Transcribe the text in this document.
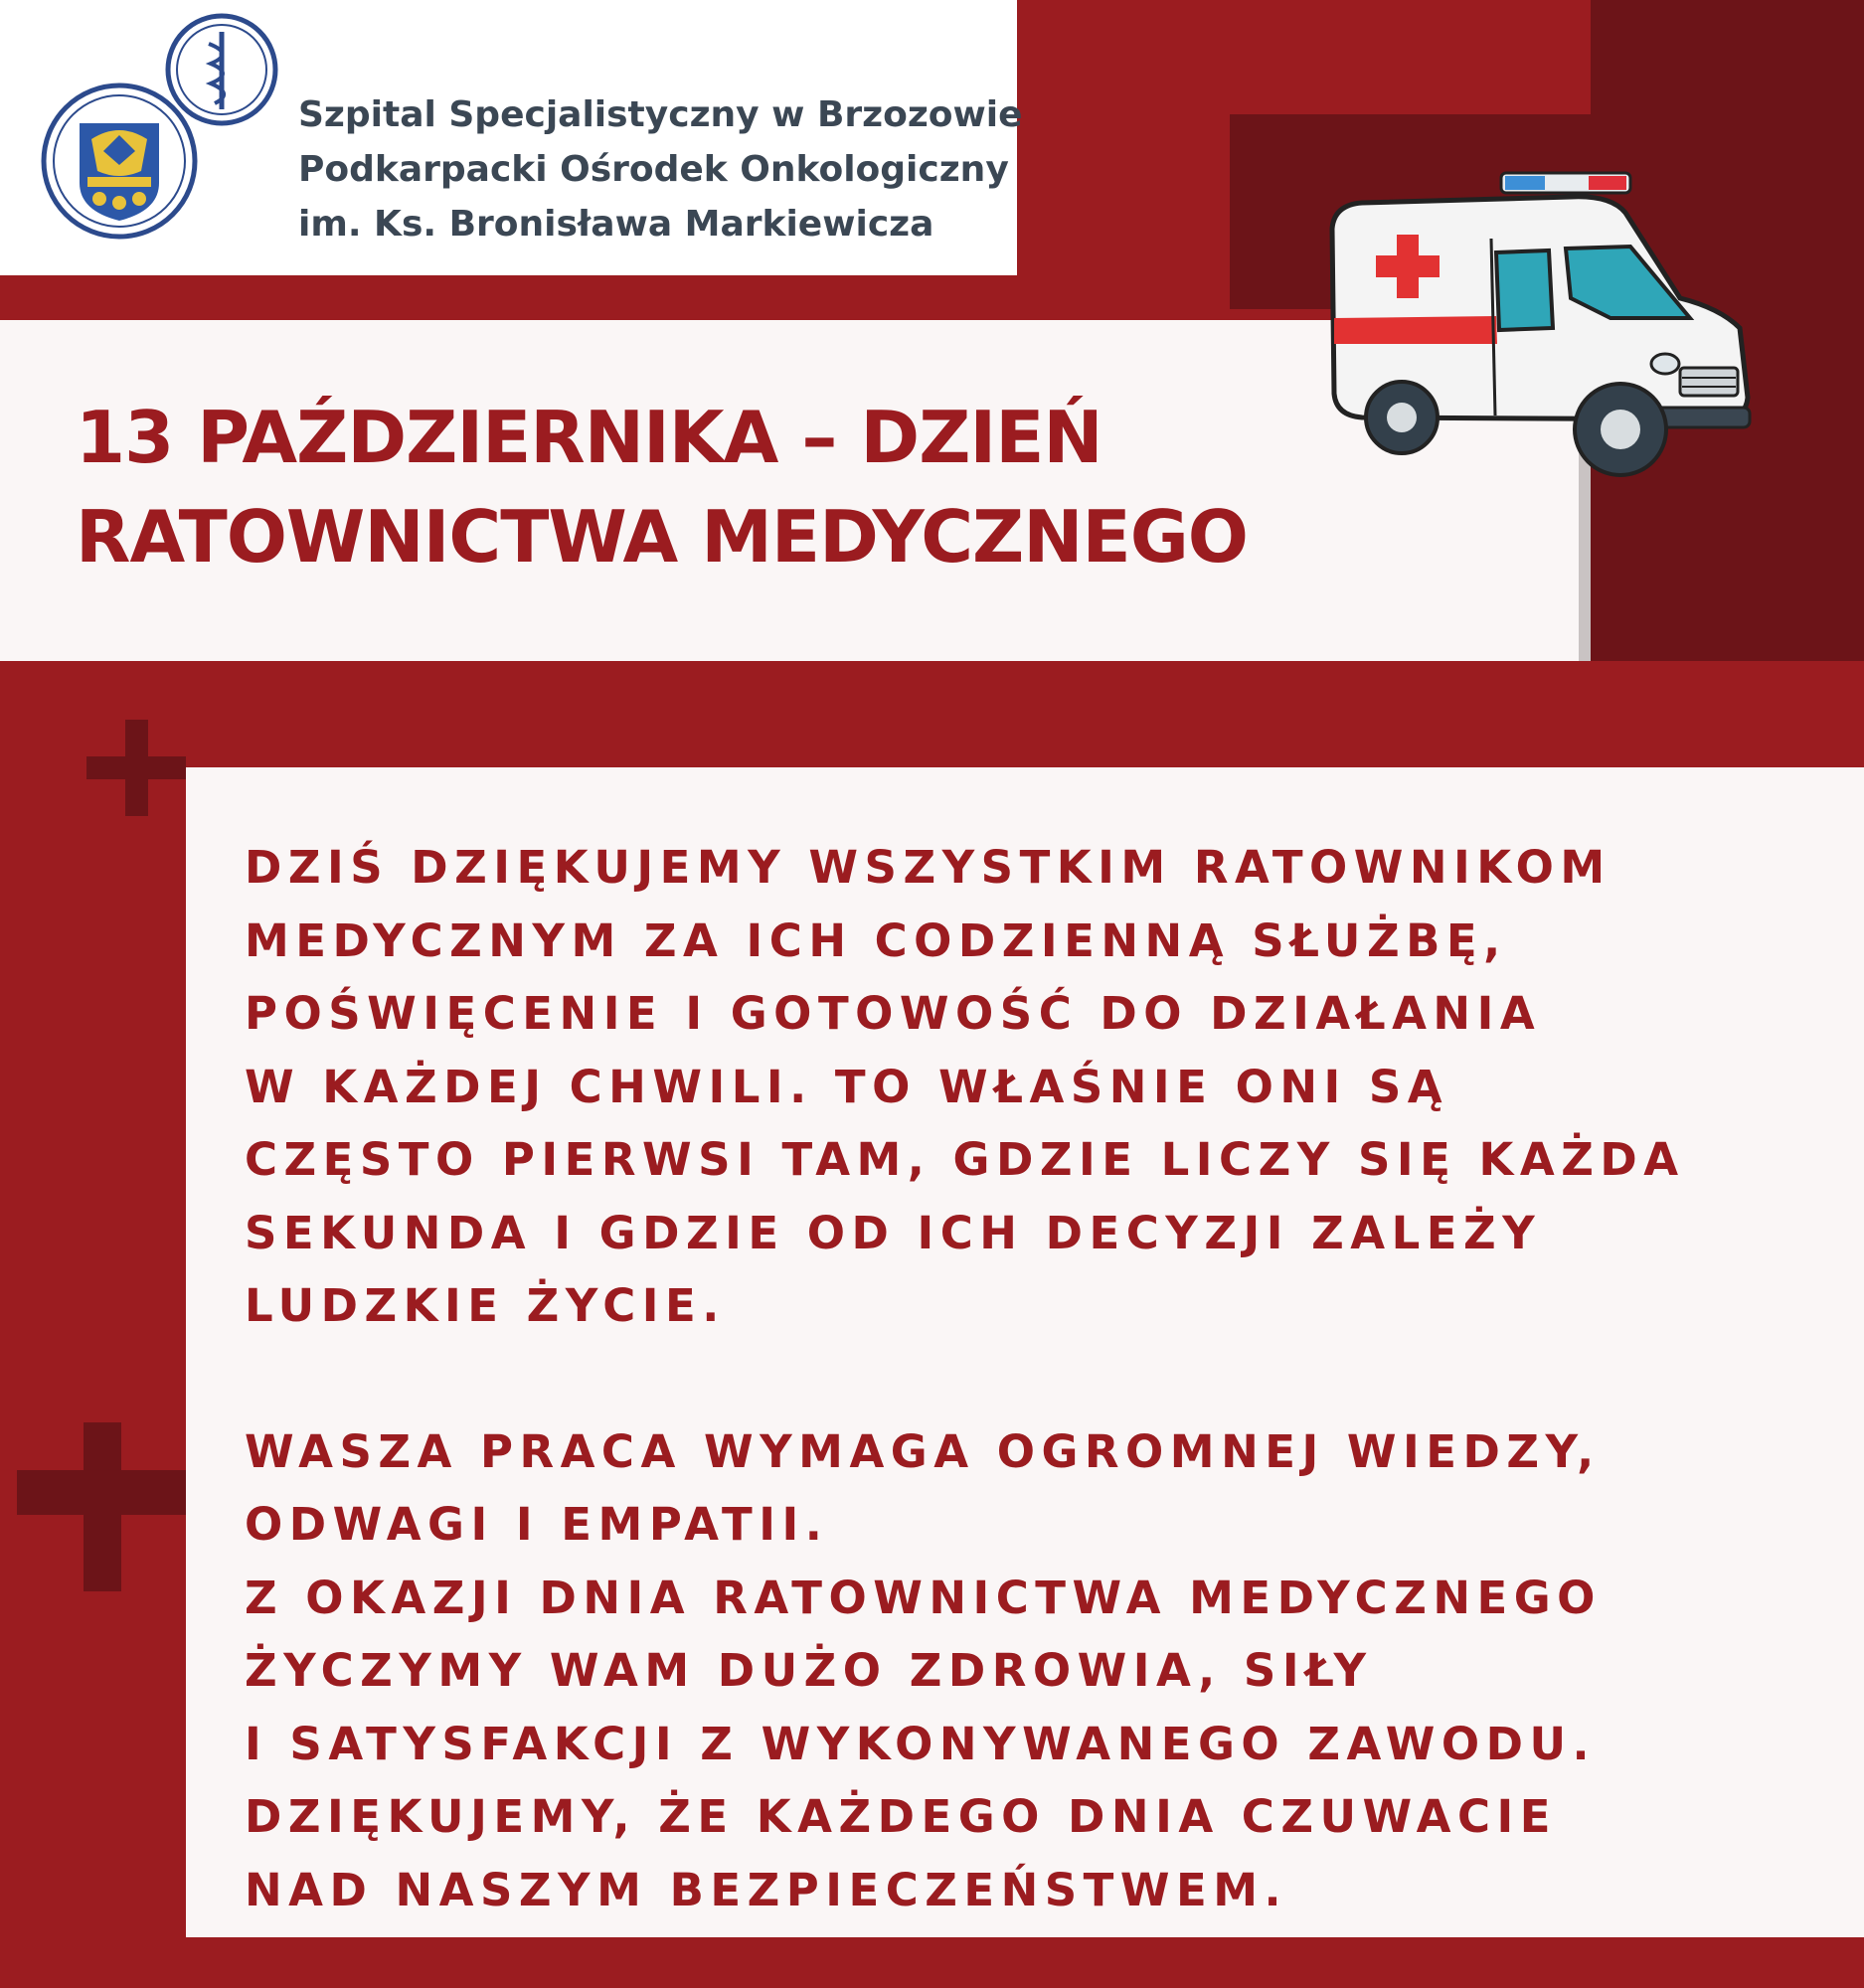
Szpital Specjalistyczny w Brzozowie
Podkarpacki Ośrodek Onkologiczny
im. Ks. Bronisława Markiewicza
13 PAŹDZIERNIKA – DZIEŃ
RATOWNICTWA MEDYCZNEGO
DZIŚ DZIĘKUJEMY WSZYSTKIM RATOWNIKOM
MEDYCZNYM ZA ICH CODZIENNĄ SŁUŻBĘ,
POŚWIĘCENIE I GOTOWOŚĆ DO DZIAŁANIA
W KAŻDEJ CHWILI. TO WŁAŚNIE ONI SĄ
CZĘSTO PIERWSI TAM, GDZIE LICZY SIĘ KAŻDA
SEKUNDA I GDZIE OD ICH DECYZJI ZALEŻY
LUDZKIE ŻYCIE.
WASZA PRACA WYMAGA OGROMNEJ WIEDZY,
ODWAGI I EMPATII.
Z OKAZJI DNIA RATOWNICTWA MEDYCZNEGO
ŻYCZYMY WAM DUŻO ZDROWIA, SIŁY
I SATYSFAKCJI Z WYKONYWANEGO ZAWODU.
DZIĘKUJEMY, ŻE KAŻDEGO DNIA CZUWACIE
NAD NASZYM BEZPIECZEŃSTWEM.
